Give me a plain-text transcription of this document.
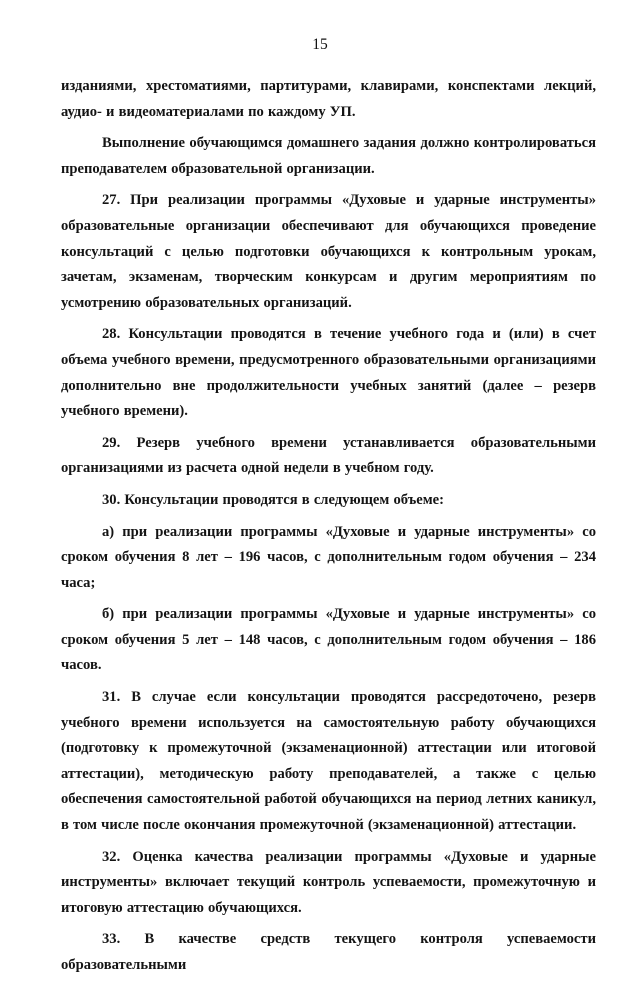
15

изданиями, хрестоматиями, партитурами, клавирами, конспектами лекций, аудио- и видеоматериалами по каждому УП.

Выполнение обучающимся домашнего задания должно контролироваться преподавателем образовательной организации.

27. При реализации программы «Духовые и ударные инструменты» образовательные организации обеспечивают для обучающихся проведение консультаций с целью подготовки обучающихся к контрольным урокам, зачетам, экзаменам, творческим конкурсам и другим мероприятиям по усмотрению образовательных организаций.

28. Консультации проводятся в течение учебного года и (или) в счет объема учебного времени, предусмотренного образовательными организациями дополнительно вне продолжительности учебных занятий (далее – резерв учебного времени).

29. Резерв учебного времени устанавливается образовательными организациями из расчета одной недели в учебном году.

30. Консультации проводятся в следующем объеме:

а) при реализации программы «Духовые и ударные инструменты» со сроком обучения 8 лет – 196 часов, с дополнительным годом обучения – 234 часа;

б) при реализации программы «Духовые и ударные инструменты» со сроком обучения 5 лет – 148 часов, с дополнительным годом обучения – 186 часов.

31. В случае если консультации проводятся рассредоточено, резерв учебного времени используется на самостоятельную работу обучающихся (подготовку к промежуточной (экзаменационной) аттестации или итоговой аттестации), методическую работу преподавателей, а также с целью обеспечения самостоятельной работой обучающихся на период летних каникул, в том числе после окончания промежуточной (экзаменационной) аттестации.

32. Оценка качества реализации программы «Духовые и ударные инструменты» включает текущий контроль успеваемости, промежуточную и итоговую аттестацию обучающихся.

33. В качестве средств текущего контроля успеваемости образовательными
